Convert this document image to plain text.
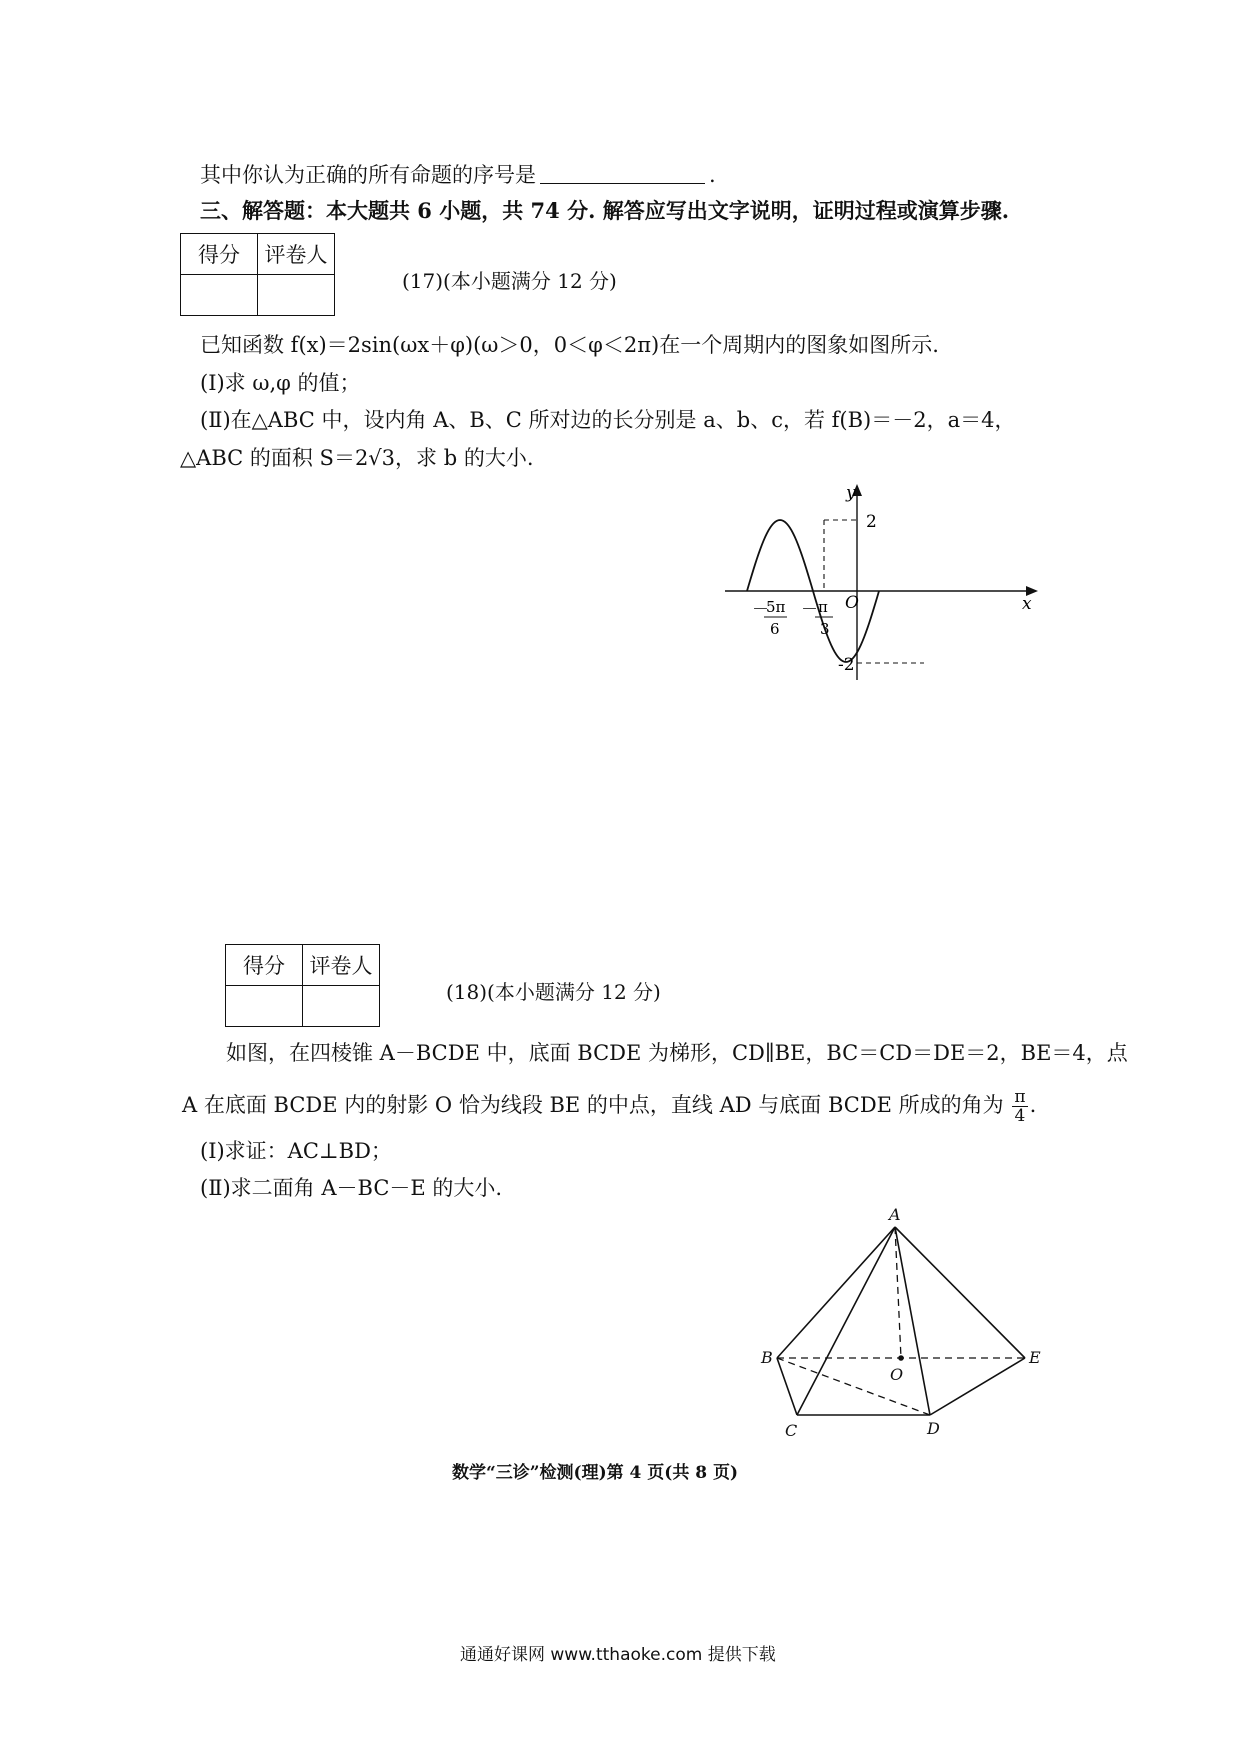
其中你认为正确的所有命题的序号是	.
三、解答题：本大题共 6 小题，共 74 分. 解答应写出文字说明，证明过程或演算步骤.
得分	评卷人

(17)(本小题满分 12 分)
已知函数 f(x)＝2sin(ωx＋φ)(ω＞0，0＜φ＜2π)在一个周期内的图象如图所示.
(Ⅰ)求 ω,φ 的值；
(Ⅱ)在△ABC 中，设内角 A、B、C 所对边的长分别是 a、b、c，若 f(B)＝－2，a＝4，
△ABC 的面积 S＝2√3，求 b 的大小.
y
x
O
2
-2
－
5π
6
－ π
3
得分	评卷人

(18)(本小题满分 12 分)
如图，在四棱锥 A－BCDE 中，底面 BCDE 为梯形，CD∥BE，BC＝CD＝DE＝2，BE＝4，点
A 在底面 BCDE 内的射影 O 恰为线段 BE 的中点，直线 AD 与底面 BCDE 所成的角为 $\frac{\pi}{4}$ .
(Ⅰ)求证：AC⊥BD；
(Ⅱ)求二面角 A－BC－E 的大小.
A
B
C	D
E
O
数学“三诊”检测(理)第 4 页(共 8 页)
通通好课网 www.tthaoke.com 提供下载
